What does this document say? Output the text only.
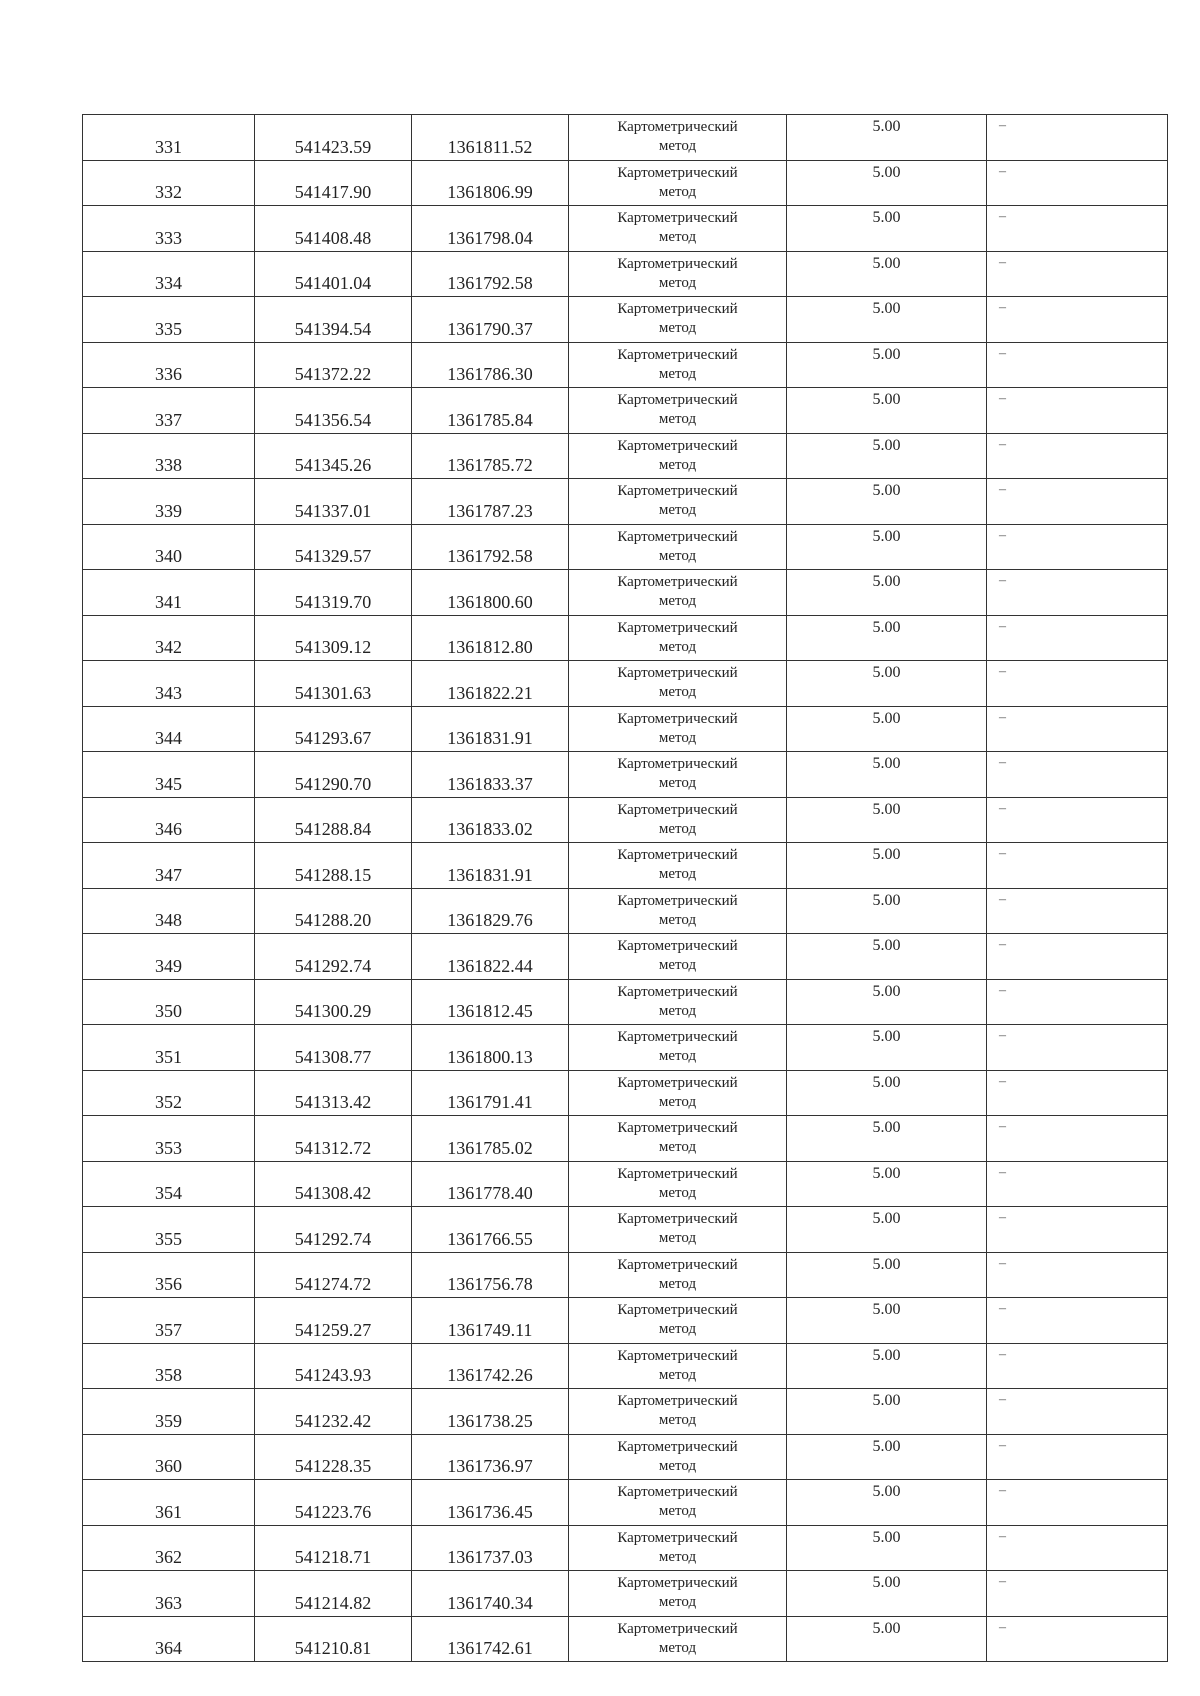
331	541423.59	1361811.52	Картометрический
метод	5.00	–
332	541417.90	1361806.99	Картометрический
метод	5.00	–
333	541408.48	1361798.04	Картометрический
метод	5.00	–
334	541401.04	1361792.58	Картометрический
метод	5.00	–
335	541394.54	1361790.37	Картометрический
метод	5.00	–
336	541372.22	1361786.30	Картометрический
метод	5.00	–
337	541356.54	1361785.84	Картометрический
метод	5.00	–
338	541345.26	1361785.72	Картометрический
метод	5.00	–
339	541337.01	1361787.23	Картометрический
метод	5.00	–
340	541329.57	1361792.58	Картометрический
метод	5.00	–
341	541319.70	1361800.60	Картометрический
метод	5.00	–
342	541309.12	1361812.80	Картометрический
метод	5.00	–
343	541301.63	1361822.21	Картометрический
метод	5.00	–
344	541293.67	1361831.91	Картометрический
метод	5.00	–
345	541290.70	1361833.37	Картометрический
метод	5.00	–
346	541288.84	1361833.02	Картометрический
метод	5.00	–
347	541288.15	1361831.91	Картометрический
метод	5.00	–
348	541288.20	1361829.76	Картометрический
метод	5.00	–
349	541292.74	1361822.44	Картометрический
метод	5.00	–
350	541300.29	1361812.45	Картометрический
метод	5.00	–
351	541308.77	1361800.13	Картометрический
метод	5.00	–
352	541313.42	1361791.41	Картометрический
метод	5.00	–
353	541312.72	1361785.02	Картометрический
метод	5.00	–
354	541308.42	1361778.40	Картометрический
метод	5.00	–
355	541292.74	1361766.55	Картометрический
метод	5.00	–
356	541274.72	1361756.78	Картометрический
метод	5.00	–
357	541259.27	1361749.11	Картометрический
метод	5.00	–
358	541243.93	1361742.26	Картометрический
метод	5.00	–
359	541232.42	1361738.25	Картометрический
метод	5.00	–
360	541228.35	1361736.97	Картометрический
метод	5.00	–
361	541223.76	1361736.45	Картометрический
метод	5.00	–
362	541218.71	1361737.03	Картометрический
метод	5.00	–
363	541214.82	1361740.34	Картометрический
метод	5.00	–
364	541210.81	1361742.61	Картометрический
метод	5.00	–
